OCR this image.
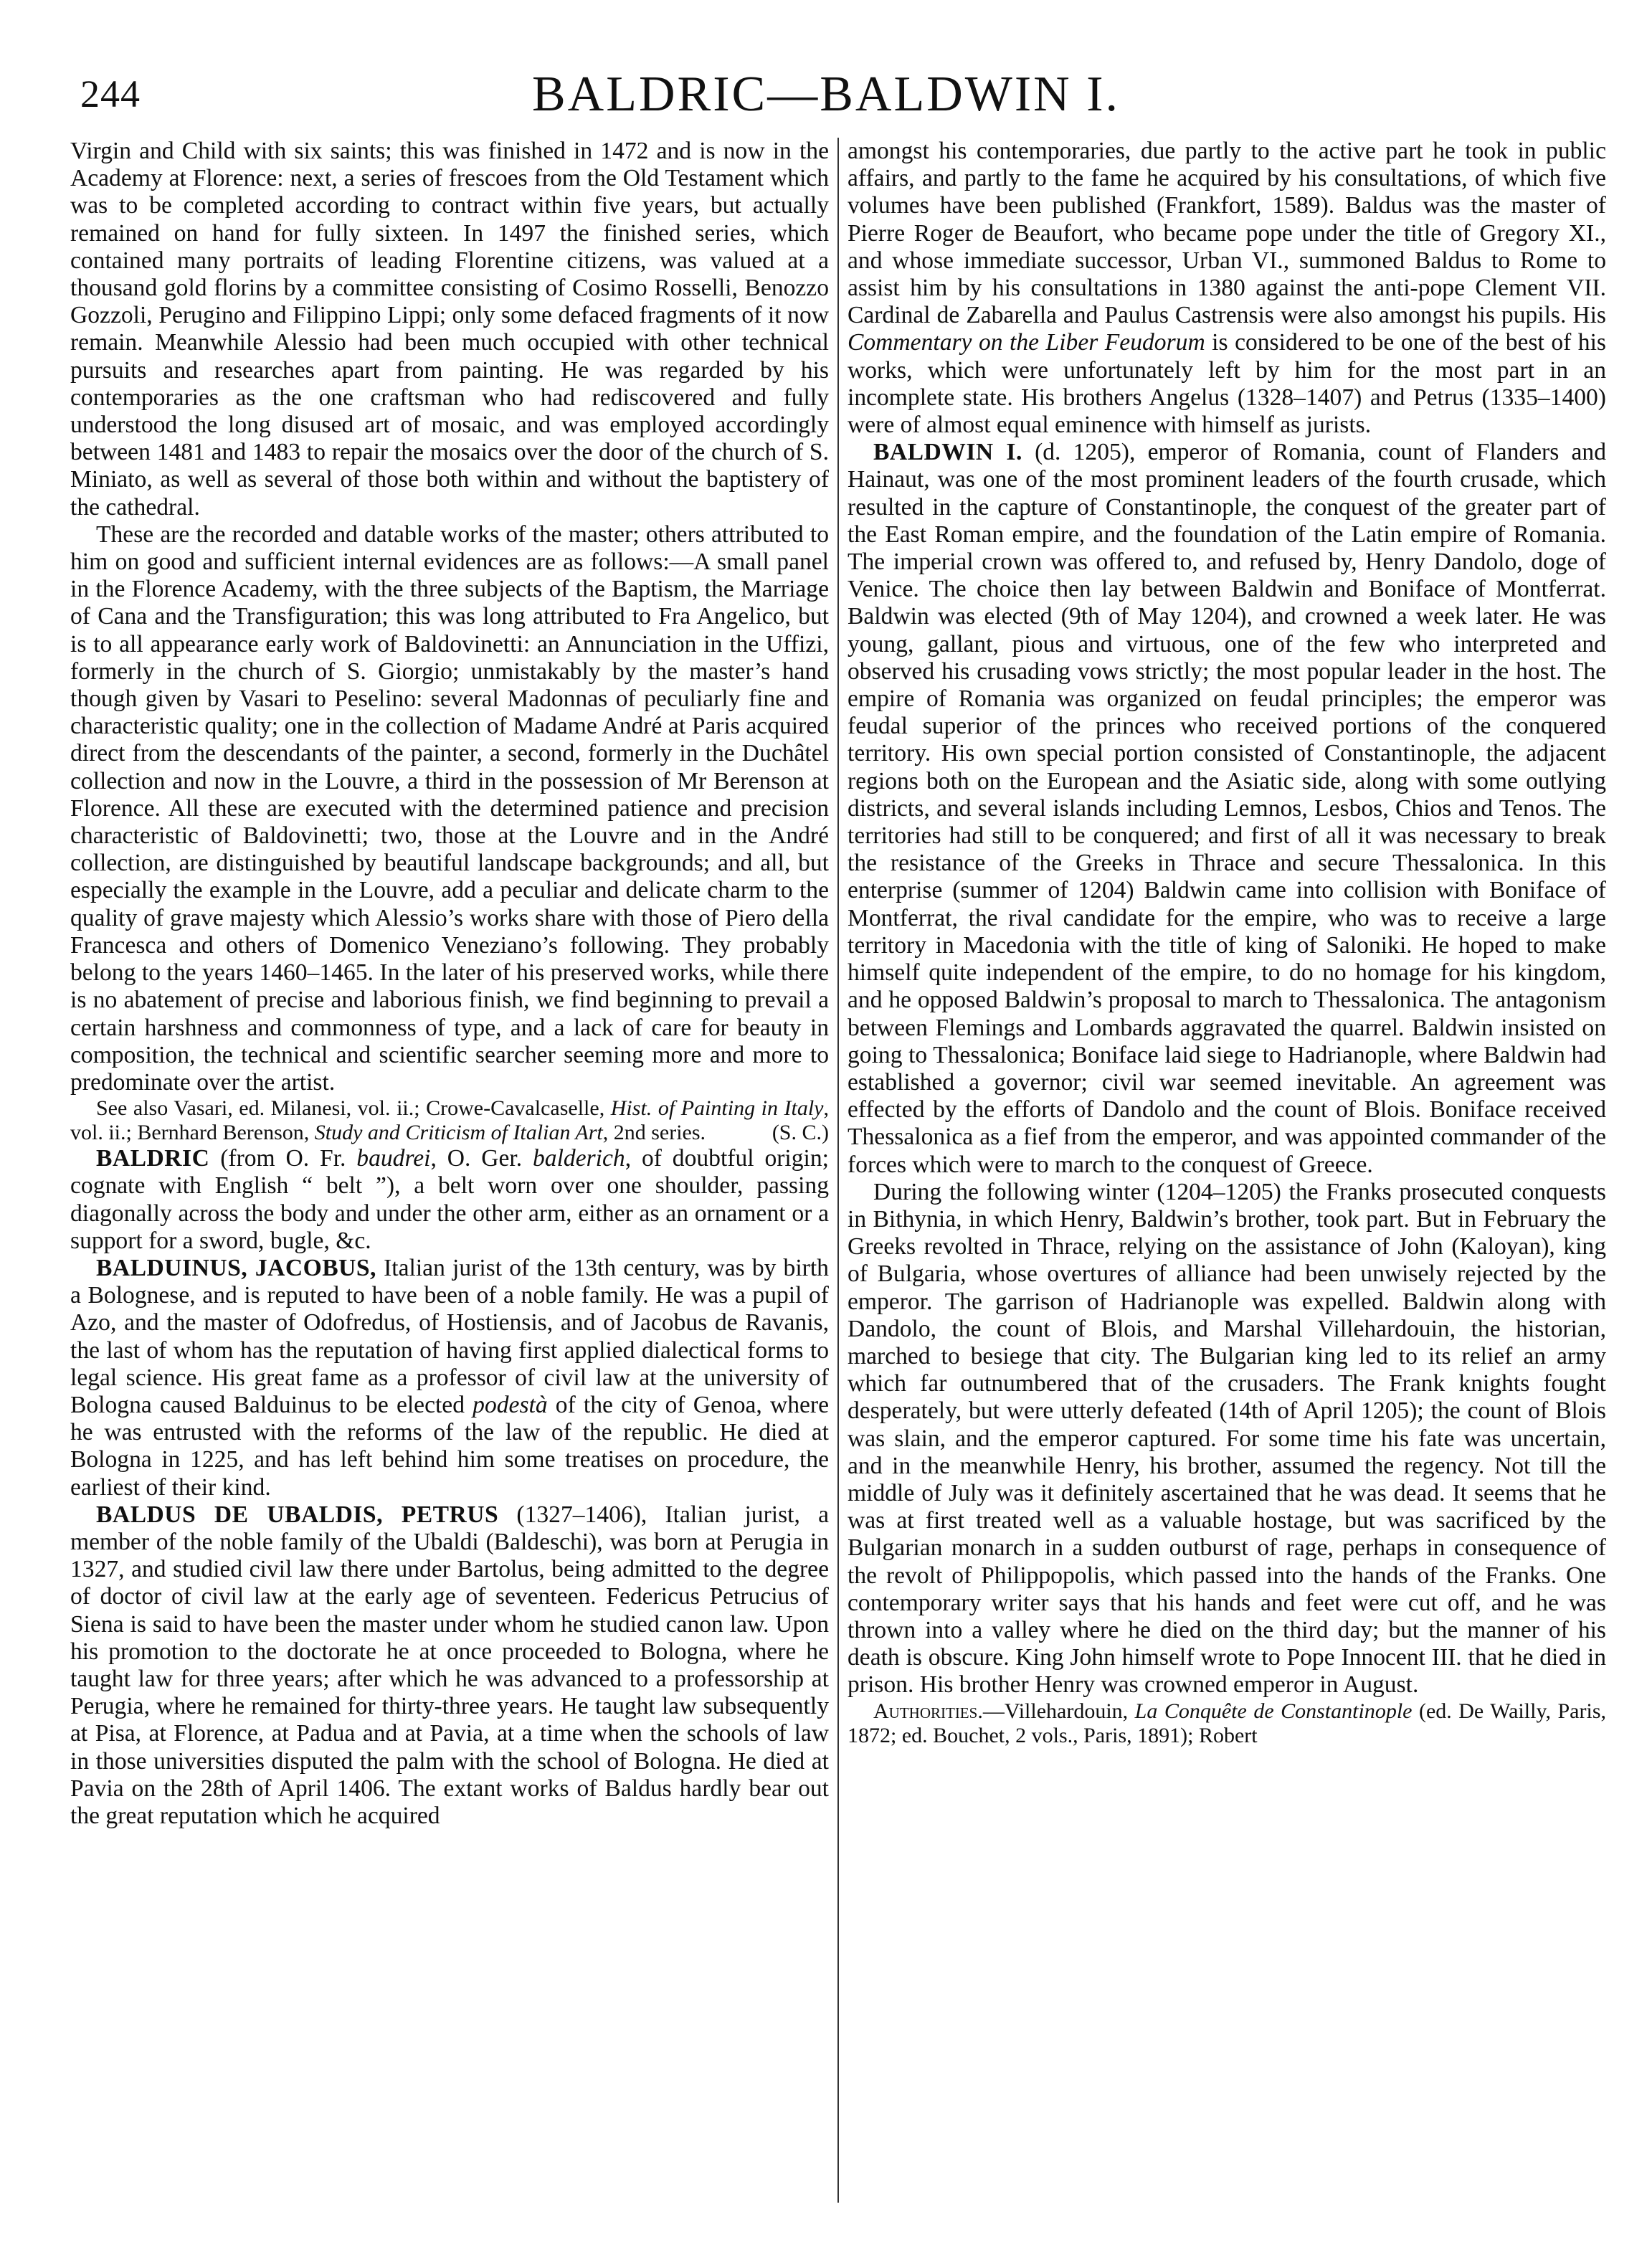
244	BALDRIC—BALDWIN I.

Virgin and Child with six saints; this was finished in 1472 and is now in the Academy at Florence: next, a series of frescoes from the Old Testament which was to be completed according to contract within five years, but actually remained on hand for fully sixteen. In 1497 the finished series, which contained many portraits of leading Florentine citizens, was valued at a thousand gold florins by a committee consisting of Cosimo Rosselli, Benozzo Gozzoli, Perugino and Filippino Lippi; only some defaced fragments of it now remain. Meanwhile Alessio had been much occupied with other technical pursuits and researches apart from painting. He was regarded by his contemporaries as the one craftsman who had rediscovered and fully understood the long disused art of mosaic, and was employed accordingly between 1481 and 1483 to repair the mosaics over the door of the church of S. Miniato, as well as several of those both within and without the baptistery of the cathedral.

These are the recorded and datable works of the master; others attributed to him on good and sufficient internal evidences are as follows:—A small panel in the Florence Academy, with the three subjects of the Baptism, the Marriage of Cana and the Transfiguration; this was long attributed to Fra Angelico, but is to all appearance early work of Baldovinetti: an Annunciation in the Uffizi, formerly in the church of S. Giorgio; unmistakably by the master’s hand though given by Vasari to Peselino: several Madonnas of peculiarly fine and characteristic quality; one in the collection of Madame André at Paris acquired direct from the descendants of the painter, a second, formerly in the Duchâtel collection and now in the Louvre, a third in the possession of Mr Berenson at Florence. All these are executed with the determined patience and precision characteristic of Baldovinetti; two, those at the Louvre and in the André collection, are distinguished by beautiful landscape backgrounds; and all, but especially the example in the Louvre, add a peculiar and delicate charm to the quality of grave majesty which Alessio’s works share with those of Piero della Francesca and others of Domenico Veneziano’s following. They probably belong to the years 1460–1465. In the later of his preserved works, while there is no abatement of precise and laborious finish, we find beginning to prevail a certain harshness and commonness of type, and a lack of care for beauty in composition, the technical and scientific searcher seeming more and more to predominate over the artist.

See also Vasari, ed. Milanesi, vol. ii.; Crowe-Cavalcaselle, Hist. of Painting in Italy, vol. ii.; Bernhard Berenson, Study and Criticism of Italian Art, 2nd series.	(S. C.)

BALDRIC (from O. Fr. baudrei, O. Ger. balderich, of doubtful origin; cognate with English “ belt ”), a belt worn over one shoulder, passing diagonally across the body and under the other arm, either as an ornament or a support for a sword, bugle, &c.

BALDUINUS, JACOBUS, Italian jurist of the 13th century, was by birth a Bolognese, and is reputed to have been of a noble family. He was a pupil of Azo, and the master of Odofredus, of Hostiensis, and of Jacobus de Ravanis, the last of whom has the reputation of having first applied dialectical forms to legal science. His great fame as a professor of civil law at the university of Bologna caused Balduinus to be elected podestà of the city of Genoa, where he was entrusted with the reforms of the law of the republic. He died at Bologna in 1225, and has left behind him some treatises on procedure, the earliest of their kind.

BALDUS DE UBALDIS, PETRUS (1327–1406), Italian jurist, a member of the noble family of the Ubaldi (Baldeschi), was born at Perugia in 1327, and studied civil law there under Bartolus, being admitted to the degree of doctor of civil law at the early age of seventeen. Federicus Petrucius of Siena is said to have been the master under whom he studied canon law. Upon his promotion to the doctorate he at once proceeded to Bologna, where he taught law for three years; after which he was advanced to a professorship at Perugia, where he remained for thirty-three years. He taught law subsequently at Pisa, at Florence, at Padua and at Pavia, at a time when the schools of law in those universities disputed the palm with the school of Bologna. He died at Pavia on the 28th of April 1406. The extant works of Baldus hardly bear out the great reputation which he acquired

amongst his contemporaries, due partly to the active part he took in public affairs, and partly to the fame he acquired by his consultations, of which five volumes have been published (Frankfort, 1589). Baldus was the master of Pierre Roger de Beaufort, who became pope under the title of Gregory XI., and whose immediate successor, Urban VI., summoned Baldus to Rome to assist him by his consultations in 1380 against the anti-pope Clement VII. Cardinal de Zabarella and Paulus Castrensis were also amongst his pupils. His Commentary on the Liber Feudorum is considered to be one of the best of his works, which were unfortunately left by him for the most part in an incomplete state. His brothers Angelus (1328–1407) and Petrus (1335–1400) were of almost equal eminence with himself as jurists.

BALDWIN I. (d. 1205), emperor of Romania, count of Flanders and Hainaut, was one of the most prominent leaders of the fourth crusade, which resulted in the capture of Constantinople, the conquest of the greater part of the East Roman empire, and the foundation of the Latin empire of Romania. The imperial crown was offered to, and refused by, Henry Dandolo, doge of Venice. The choice then lay between Baldwin and Boniface of Montferrat. Baldwin was elected (9th of May 1204), and crowned a week later. He was young, gallant, pious and virtuous, one of the few who interpreted and observed his crusading vows strictly; the most popular leader in the host. The empire of Romania was organized on feudal principles; the emperor was feudal superior of the princes who received portions of the conquered territory. His own special portion consisted of Constantinople, the adjacent regions both on the European and the Asiatic side, along with some outlying districts, and several islands including Lemnos, Lesbos, Chios and Tenos. The territories had still to be conquered; and first of all it was necessary to break the resistance of the Greeks in Thrace and secure Thessalonica. In this enterprise (summer of 1204) Baldwin came into collision with Boniface of Montferrat, the rival candidate for the empire, who was to receive a large territory in Macedonia with the title of king of Saloniki. He hoped to make himself quite independent of the empire, to do no homage for his kingdom, and he opposed Baldwin’s proposal to march to Thessalonica. The antagonism between Flemings and Lombards aggravated the quarrel. Baldwin insisted on going to Thessalonica; Boniface laid siege to Hadrianople, where Baldwin had established a governor; civil war seemed inevitable. An agreement was effected by the efforts of Dandolo and the count of Blois. Boniface received Thessalonica as a fief from the emperor, and was appointed commander of the forces which were to march to the conquest of Greece.

During the following winter (1204–1205) the Franks prosecuted conquests in Bithynia, in which Henry, Baldwin’s brother, took part. But in February the Greeks revolted in Thrace, relying on the assistance of John (Kaloyan), king of Bulgaria, whose overtures of alliance had been unwisely rejected by the emperor. The garrison of Hadrianople was expelled. Baldwin along with Dandolo, the count of Blois, and Marshal Villehardouin, the historian, marched to besiege that city. The Bulgarian king led to its relief an army which far outnumbered that of the crusaders. The Frank knights fought desperately, but were utterly defeated (14th of April 1205); the count of Blois was slain, and the emperor captured. For some time his fate was uncertain, and in the meanwhile Henry, his brother, assumed the regency. Not till the middle of July was it definitely ascertained that he was dead. It seems that he was at first treated well as a valuable hostage, but was sacrificed by the Bulgarian monarch in a sudden outburst of rage, perhaps in consequence of the revolt of Philippopolis, which passed into the hands of the Franks. One contemporary writer says that his hands and feet were cut off, and he was thrown into a valley where he died on the third day; but the manner of his death is obscure. King John himself wrote to Pope Innocent III. that he died in prison. His brother Henry was crowned emperor in August.

Authorities.—Villehardouin, La Conquête de Constantinople (ed. De Wailly, Paris, 1872; ed. Bouchet, 2 vols., Paris, 1891); Robert
